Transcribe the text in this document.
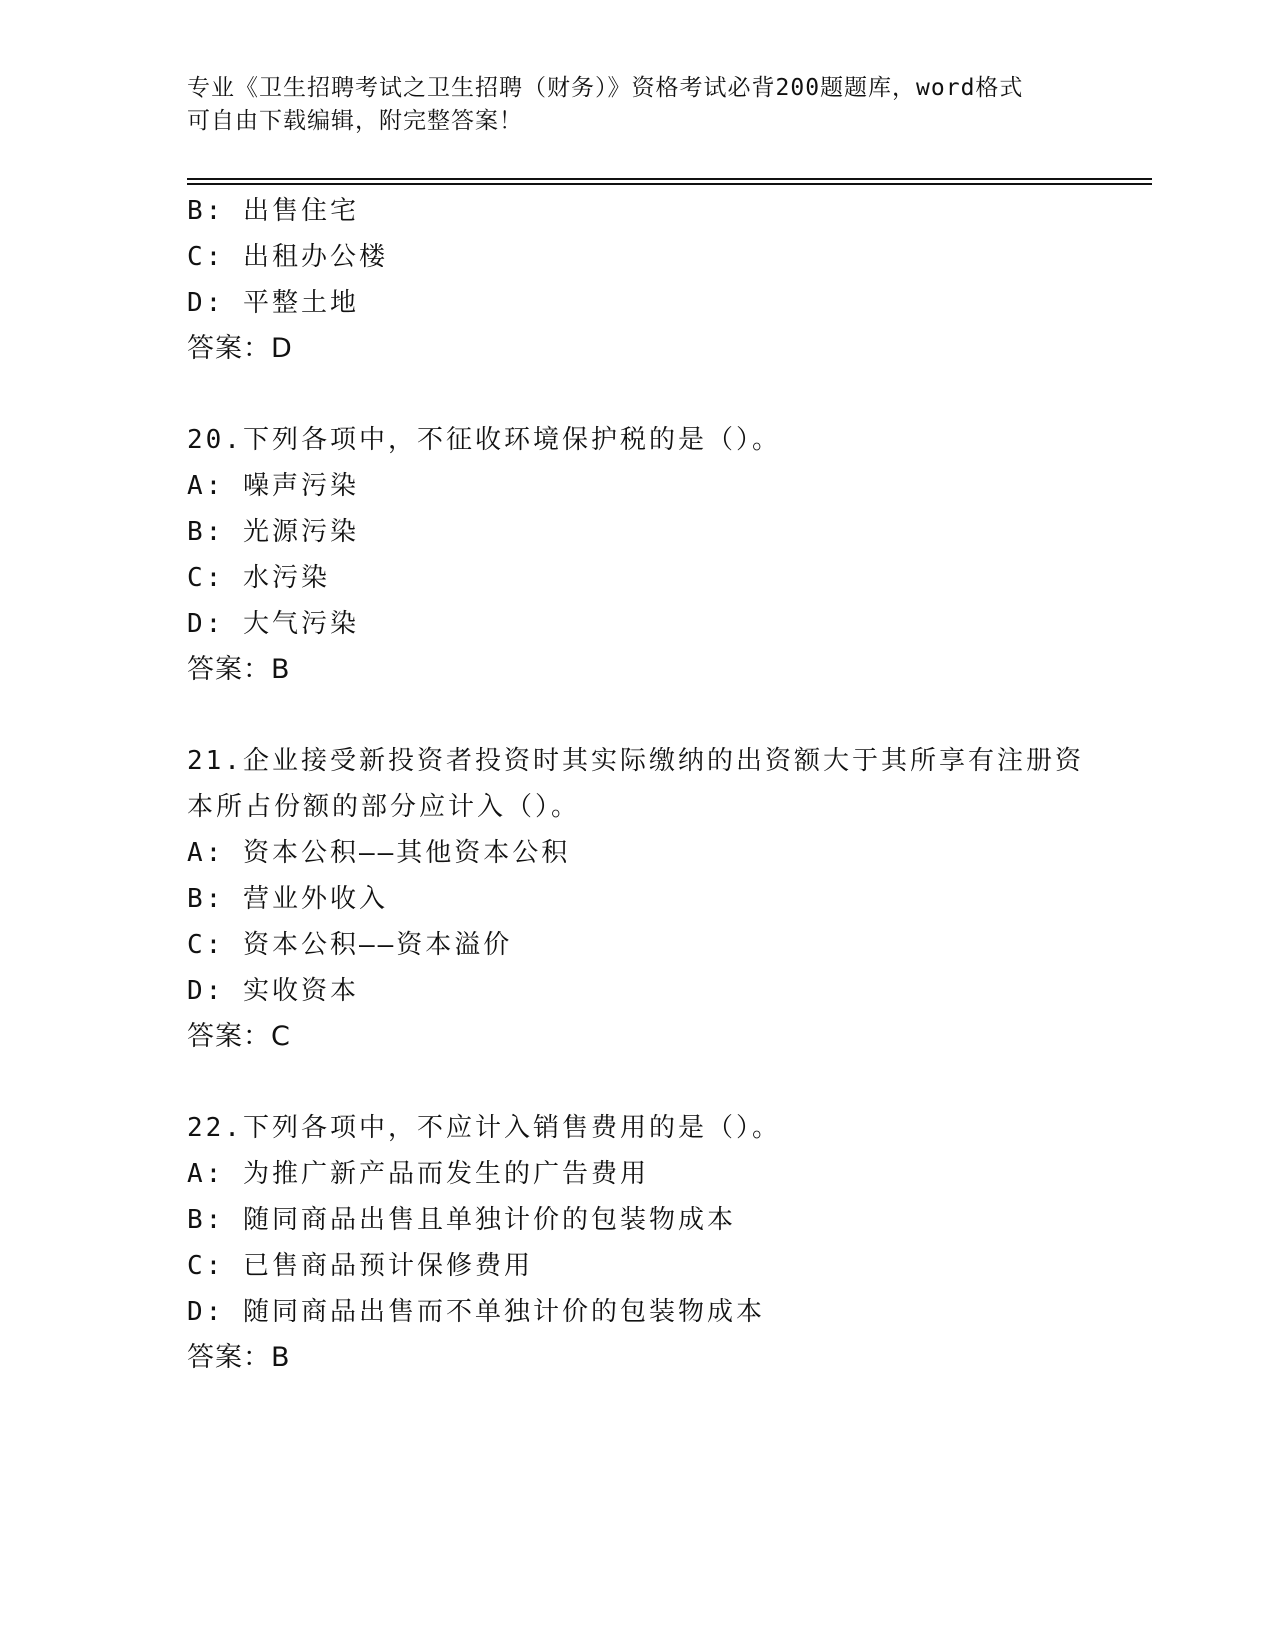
专业《卫生招聘考试之卫生招聘（财务）》资格考试必背200题题库，word格式
可自由下载编辑，附完整答案！
B: 出售住宅
C: 出租办公楼
D: 平整土地
答案：D
20.下列各项中，不征收环境保护税的是（）。
A: 噪声污染
B: 光源污染
C: 水污染
D: 大气污染
答案：B
21.企业接受新投资者投资时其实际缴纳的出资额大于其所享有注册资
本所占份额的部分应计入（）。
A: 资本公积——其他资本公积
B: 营业外收入
C: 资本公积——资本溢价
D: 实收资本
答案：C
22.下列各项中，不应计入销售费用的是（）。
A: 为推广新产品而发生的广告费用
B: 随同商品出售且单独计价的包装物成本
C: 已售商品预计保修费用
D: 随同商品出售而不单独计价的包装物成本
答案：B
